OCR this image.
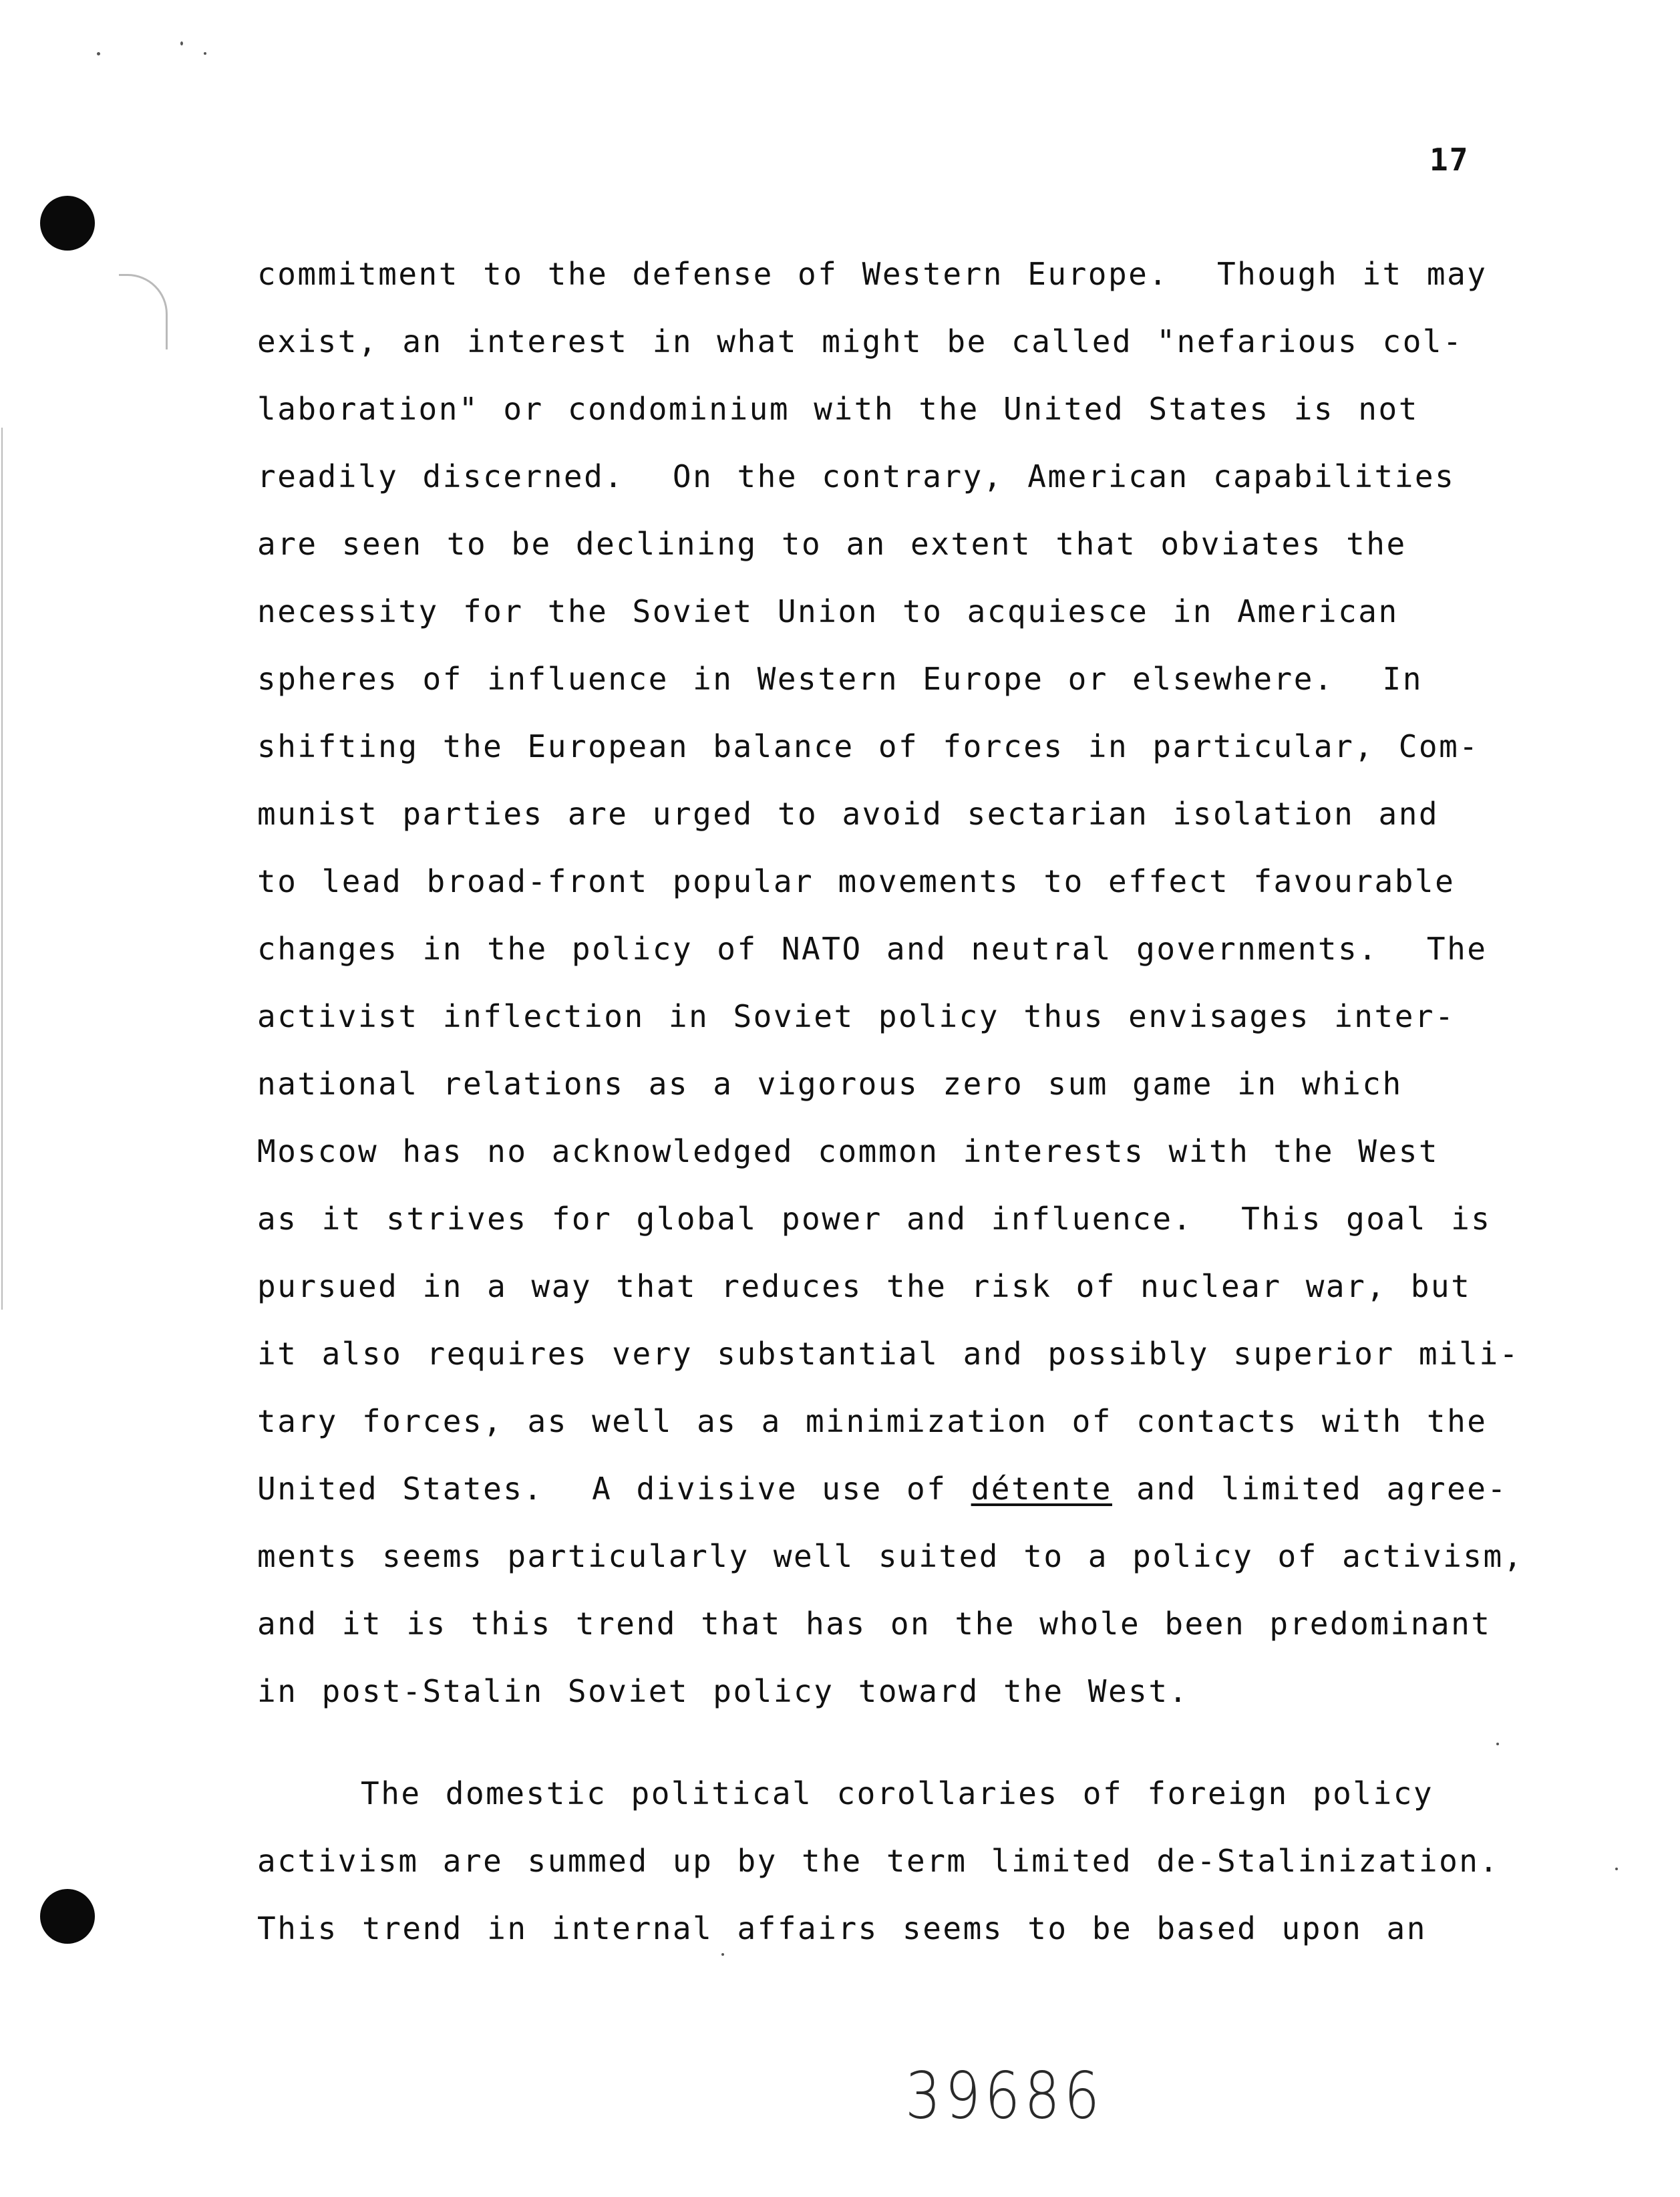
17
commitment to the defense of Western Europe.  Though it may
exist, an interest in what might be called "nefarious col-
laboration" or condominium with the United States is not
readily discerned.  On the contrary, American capabilities
are seen to be declining to an extent that obviates the
necessity for the Soviet Union to acquiesce in American
spheres of influence in Western Europe or elsewhere.  In
shifting the European balance of forces in particular, Com-
munist parties are urged to avoid sectarian isolation and
to lead broad-front popular movements to effect favourable
changes in the policy of NATO and neutral governments.  The
activist inflection in Soviet policy thus envisages inter-
national relations as a vigorous zero sum game in which
Moscow has no acknowledged common interests with the West
as it strives for global power and influence.  This goal is
pursued in a way that reduces the risk of nuclear war, but
it also requires very substantial and possibly superior mili-
tary forces, as well as a minimization of contacts with the
United States.  A divisive use of détente and limited agree-
ments seems particularly well suited to a policy of activism,
and it is this trend that has on the whole been predominant
in post-Stalin Soviet policy toward the West.
The domestic political corollaries of foreign policy
activism are summed up by the term limited de-Stalinization.
This trend in internal affairs seems to be based upon an
39686
